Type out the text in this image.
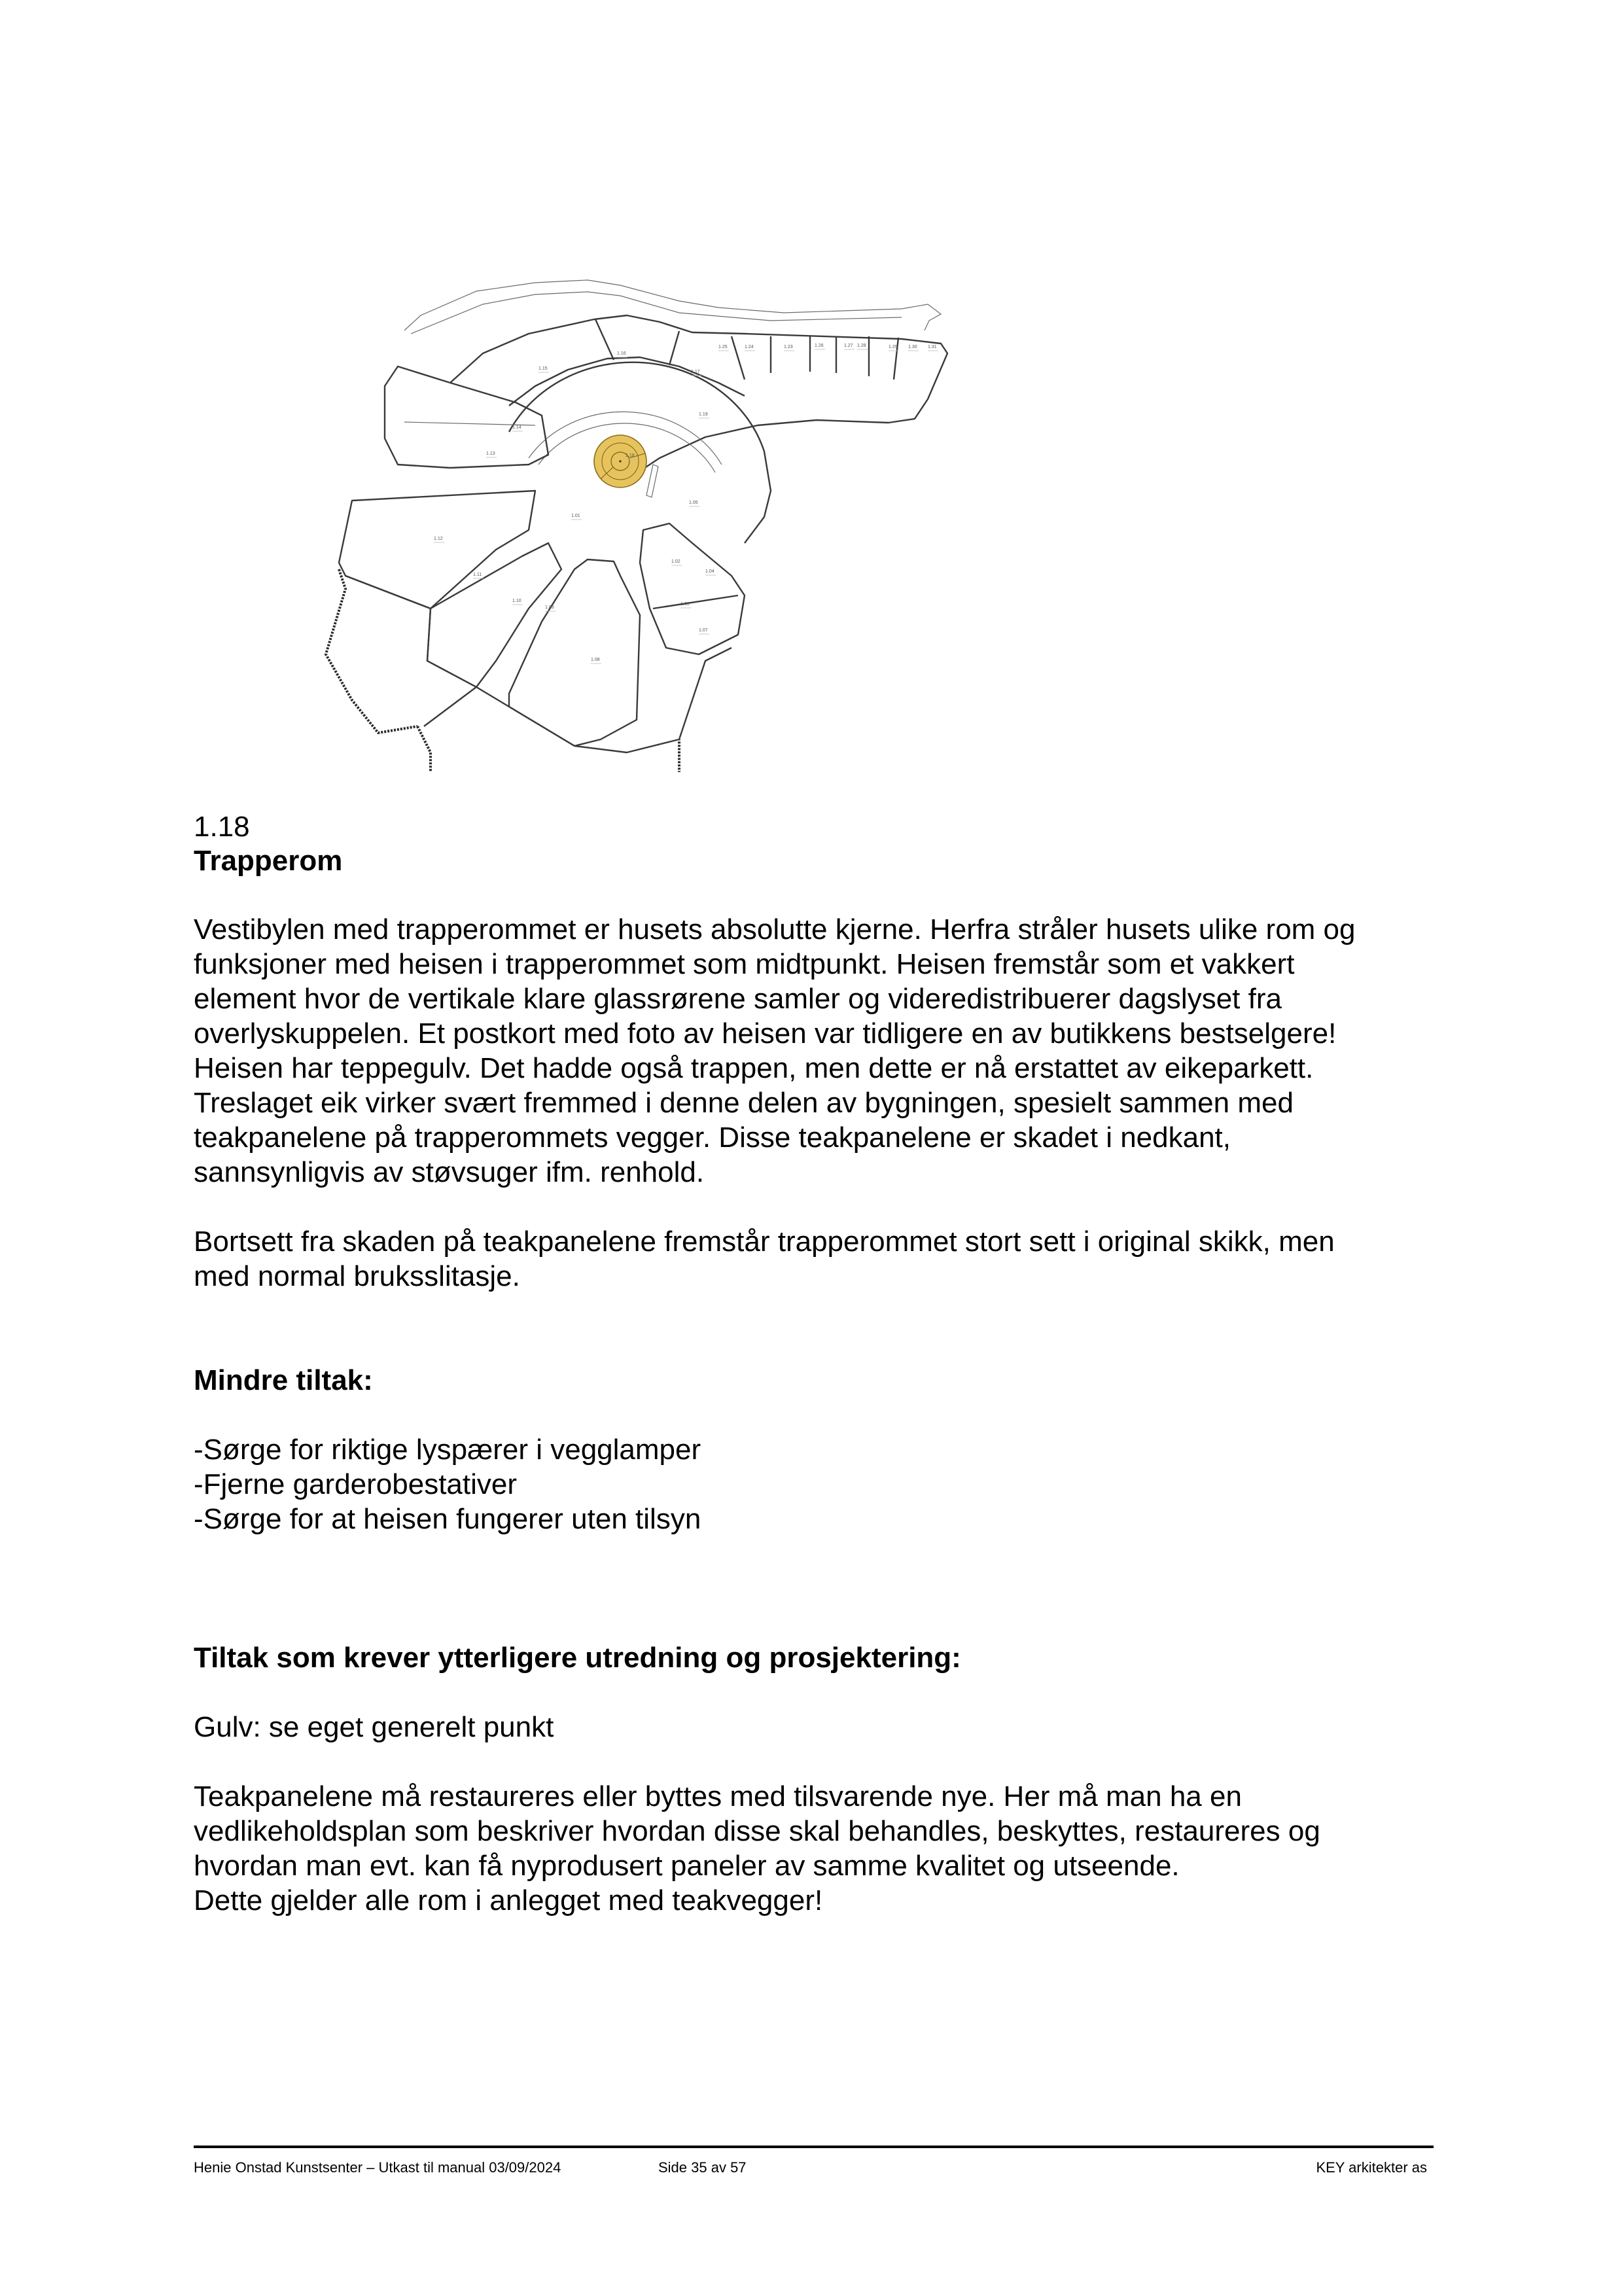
1.01
1.02
1.03
1.04
1.05
1.07
1.08
1.09
1.10
1.11
1.12
1.13
1.14
1.15
1.16
1.17
1.18
1.19
1.25	1.24	1.23	1.26	1.27 1.28	1.29 1.30 1.31
1.18
Trapperom
Vestibylen med trapperommet er husets absolutte kjerne. Herfra stråler husets ulike rom og
funksjoner med heisen i trapperommet som midtpunkt. Heisen fremstår som et vakkert
element hvor de vertikale klare glassrørene samler og videredistribuerer dagslyset fra
overlyskuppelen. Et postkort med foto av heisen var tidligere en av butikkens bestselgere!
Heisen har teppegulv. Det hadde også trappen, men dette er nå erstattet av eikeparkett.
Treslaget eik virker svært fremmed i denne delen av bygningen, spesielt sammen med
teakpanelene på trapperommets vegger. Disse teakpanelene er skadet i nedkant,
sannsynligvis av støvsuger ifm. renhold.
Bortsett fra skaden på teakpanelene fremstår trapperommet stort sett i original skikk, men
med normal bruksslitasje.
Mindre tiltak:
-Sørge for riktige lyspærer i vegglamper
-Fjerne garderobestativer
-Sørge for at heisen fungerer uten tilsyn
Tiltak som krever ytterligere utredning og prosjektering:

Gulv: se eget generelt punkt

Teakpanelene må restaureres eller byttes med tilsvarende nye. Her må man ha en
vedlikeholdsplan som beskriver hvordan disse skal behandles, beskyttes, restaureres og
hvordan man evt. kan få nyprodusert paneler av samme kvalitet og utseende.
Dette gjelder alle rom i anlegget med teakvegger!
Henie Onstad Kunstsenter – Utkast til manual 03/09/2024	Side 35 av 57	KEY arkitekter as
